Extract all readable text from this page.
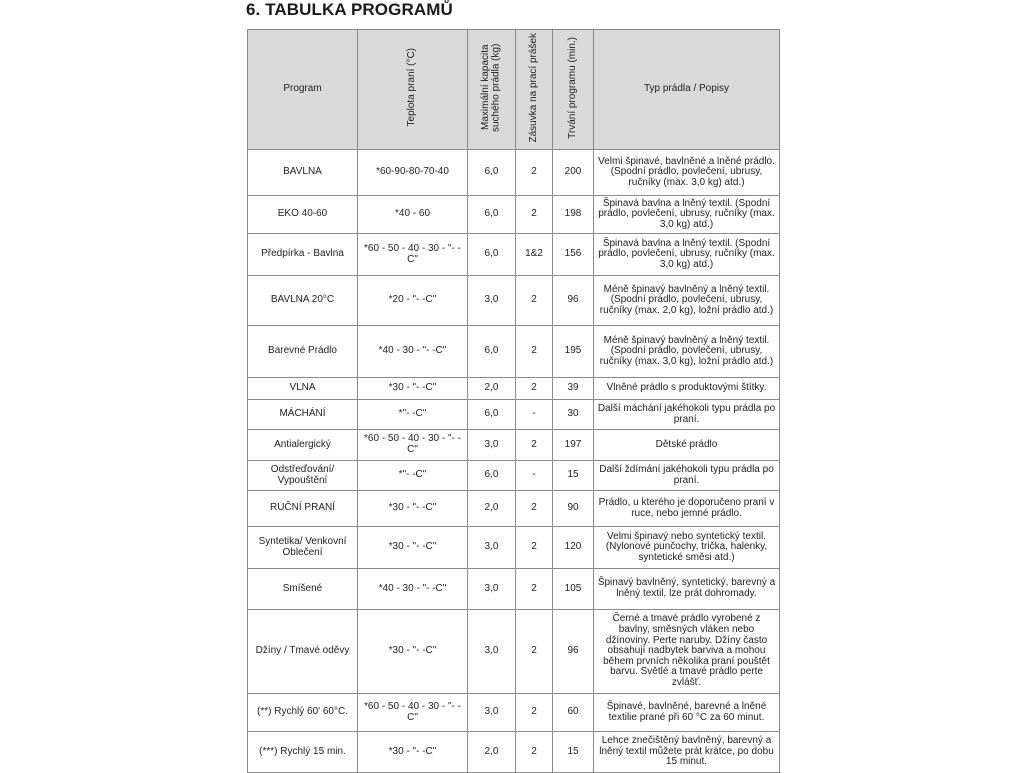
6. TABULKA PROGRAMŮ
Program	Teplota praní (°C)	Maximální kapacita suchého prádla (kg)	Zásuvka na prací prášek	Trvání programu (min.)	Typ prádla / Popisy
BAVLNA	*60-90-80-70-40	6,0	2	200	Velmi špinavé, bavlněné a lněné prádlo. (Spodní prádlo, povlečení, ubrusy, ručníky (max. 3,0 kg) atd.)
EKO 40-60	*40 - 60	6,0	2	198	Špinavá bavlna a lněný textil. (Spodní prádlo, povlečení, ubrusy, ručníky (max. 3,0 kg) atd.)
Předpírka - Bavlna	*60 - 50 - 40 - 30 - "- -C"	6,0	1&2	156	Špinavá bavlna a lněný textil. (Spodní prádlo, povlečení, ubrusy, ručníky (max. 3,0 kg) atd.)
BAVLNA 20°C	*20 - "- -C"	3,0	2	96	Méně špinavý bavlněný a lněný textil. (Spodní prádlo, povlečení, ubrusy, ručníky (max. 2,0 kg), ložní prádlo atd.)
Barevné Prádlo	*40 - 30 - "- -C"	6,0	2	195	Méně špinavý bavlněný a lněný textil. (Spodní prádlo, povlečení, ubrusy, ručníky (max. 3,0 kg), ložní prádlo atd.)
VLNA	*30 - "- -C"	2,0	2	39	Vlněné prádlo s produktovými štítky.
MÁCHÁNÍ	*"- -C"	6,0	-	30	Další máchání jakéhokoli typu prádla po praní.
Antialergický	*60 - 50 - 40 - 30 - "- -C"	3,0	2	197	Dětské prádlo
Odstřeďování/ Vypouštění	*"- -C"	6,0	-	15	Další ždímání jakéhokoli typu prádla po praní.
RUČNÍ PRANÍ	*30 - "- -C"	2,0	2	90	Prádlo, u kterého je doporučeno praní v ruce, nebo jemné prádlo.
Syntetika/ Venkovní Oblečení	*30 - "- -C"	3,0	2	120	Velmi špinavý nebo syntetický textil. (Nylonové punčochy, trička, halenky, syntetické směsi atd.)
Smíšené	*40 - 30 - "- -C"	3,0	2	105	Špinavý bavlněný, syntetický, barevný a lněný textil, lze prát dohromady.
Džíny / Tmavé oděvy	*30 - "- -C"	3,0	2	96	Černé a tmavé prádlo vyrobené z bavlny, směsných vláken nebo džínoviny. Perte naruby. Džíny často obsahují nadbytek barviva a mohou během prvních několika praní pouštět barvu. Světlé a tmavé prádlo perte zvlášť.
(**) Rychlý 60' 60°C.	*60 - 50 - 40 - 30 - "- -C"	3,0	2	60	Špinavé, bavlněné, barevné a lněné textilie prané při 60 °C za 60 minut.
(***) Rychlý 15 min.	*30 - "- -C"	2,0	2	15	Lehce znečištěný bavlněný, barevný a lněný textil můžete prát krátce, po dobu 15 minut.
